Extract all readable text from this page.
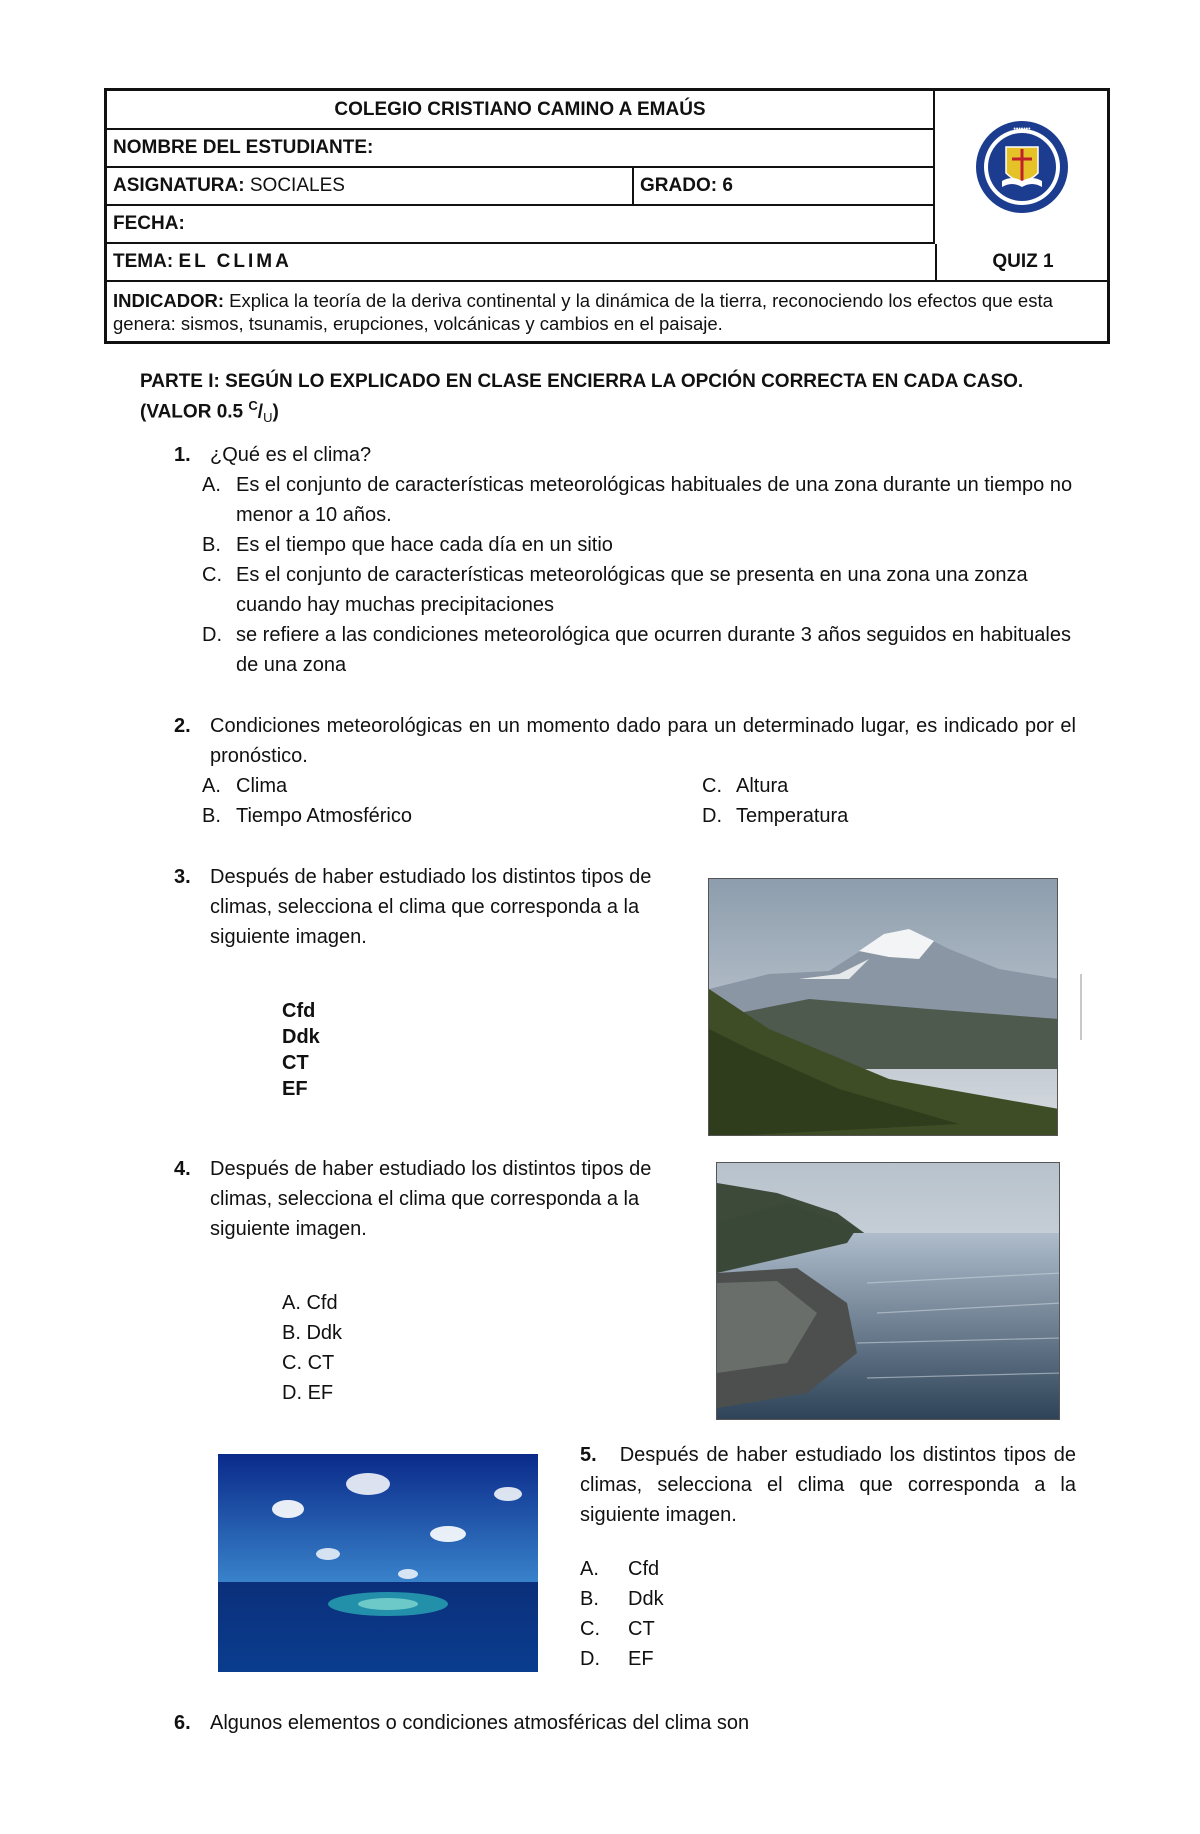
COLEGIO CRISTIANO CAMINO A EMAÚS
NOMBRE DEL ESTUDIANTE:
ASIGNATURA:
SOCIALES	GRADO:
6
FECHA:
TEMA:
EL CLIMA	QUIZ 1
INDICADOR: Explica la teoría de la deriva continental y la dinámica de la tierra, reconociendo los efectos que esta genera: sismos, tsunamis, erupciones, volcánicas y cambios en el paisaje.
•••••••
PARTE I: SEGÚN LO EXPLICADO EN CLASE ENCIERRA LA OPCIÓN CORRECTA EN CADA CASO. (VALOR 0.5 $^C/_U$)
1. ¿Qué es el clima?
A. Es el conjunto de características meteorológicas habituales de una zona durante un tiempo no menor a 10 años.
B. Es el tiempo que hace cada día en un sitio
C. Es el conjunto de características meteorológicas que se presenta en una zona una zonza cuando hay muchas precipitaciones
D. se refiere a las condiciones meteorológica que ocurren durante 3 años seguidos en habituales de una zona
2. Condiciones meteorológicas en un momento dado para un determinado lugar, es indicado por el pronóstico.
A. Clima
B. Tiempo Atmosférico
C. Altura
D. Temperatura
3. Después de haber estudiado los distintos tipos de climas, selecciona el clima que corresponda a la siguiente imagen.
Cfd
Ddk
CT
EF
4. Después de haber estudiado los distintos tipos de climas, selecciona el clima que corresponda a la siguiente imagen.
A. Cfd
B. Ddk
C. CT
D. EF
5. Después de haber estudiado los distintos tipos de climas, selecciona el clima que corresponda a la siguiente imagen.
A. Cfd
B. Ddk
C. CT
D. EF
6. Algunos elementos o condiciones atmosféricas del clima son
